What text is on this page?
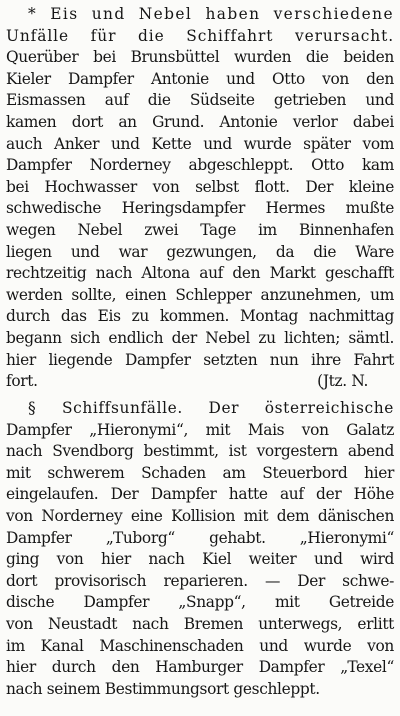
* Eis und Nebel haben verschiedene
Unfälle für die Schiffahrt verursacht.
Querüber bei Brunsbüttel wurden die beiden
Kieler Dampfer Antonie und Otto von den
Eismassen auf die Südseite getrieben und
kamen dort an Grund. Antonie verlor dabei
auch Anker und Kette und wurde später vom
Dampfer Norderney abgeschleppt. Otto kam
bei Hochwasser von selbst flott. Der kleine
schwedische Heringsdampfer Hermes mußte
wegen Nebel zwei Tage im Binnenhafen
liegen und war gezwungen, da die Ware
rechtzeitig nach Altona auf den Markt geschafft
werden sollte, einen Schlepper anzunehmen, um
durch das Eis zu kommen. Montag nachmittag
begann sich endlich der Nebel zu lichten; sämtl.
hier liegende Dampfer setzten nun ihre Fahrt
fort.	(Jtz. N.
§ Schiffsunfälle. Der österreichische
Dampfer „Hieronymi“, mit Mais von Galatz
nach Svendborg bestimmt, ist vorgestern abend
mit schwerem Schaden am Steuerbord hier
eingelaufen. Der Dampfer hatte auf der Höhe
von Norderney eine Kollision mit dem dänischen
Dampfer „Tuborg“ gehabt. „Hieronymi“
ging von hier nach Kiel weiter und wird
dort provisorisch reparieren. — Der schwe-
dische Dampfer „Snapp“, mit Getreide
von Neustadt nach Bremen unterwegs, erlitt
im Kanal Maschinenschaden und wurde von
hier durch den Hamburger Dampfer „Texel“
nach seinem Bestimmungsort geschleppt.
